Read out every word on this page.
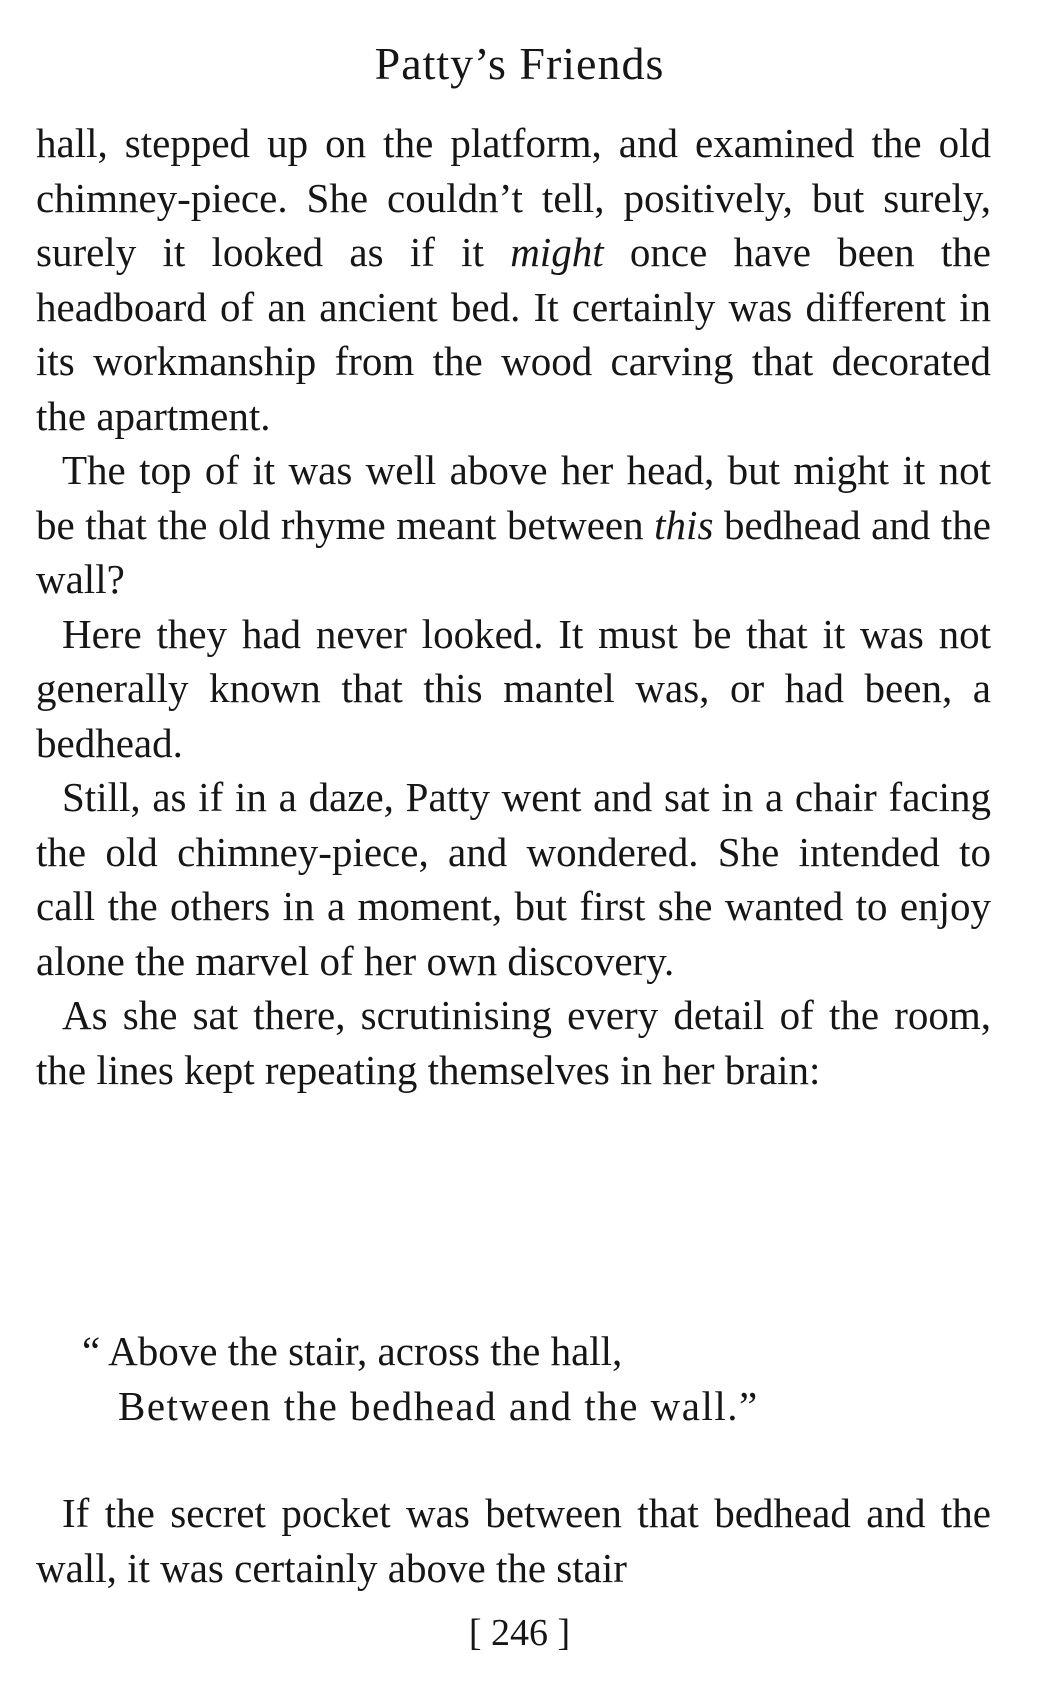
Patty’s Friends

hall, stepped up on the platform, and examined the old chimney-piece. She couldn’t tell, positively, but surely, surely it looked as if it might once have been the headboard of an ancient bed. It certainly was different in its workmanship from the wood carving that decorated the apartment.

The top of it was well above her head, but might it not be that the old rhyme meant between this bedhead and the wall?

Here they had never looked. It must be that it was not generally known that this mantel was, or had been, a bedhead.

Still, as if in a daze, Patty went and sat in a chair facing the old chimney-piece, and wondered. She intended to call the others in a moment, but first she wanted to enjoy alone the marvel of her own discovery.

As she sat there, scrutinising every detail of the room, the lines kept repeating themselves in her brain:

“ Above the stair, across the hall,
Between the bedhead and the wall.”
If the secret pocket was between that bedhead and the wall, it was certainly above the stair
[ 246 ]
